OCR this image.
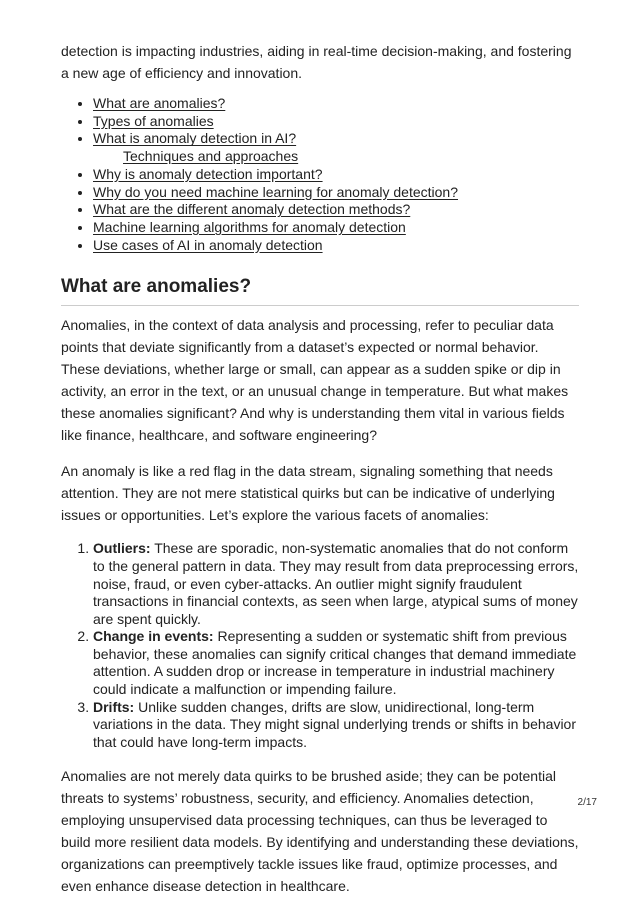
detection is impacting industries, aiding in real-time decision-making, and fostering a new age of efficiency and innovation.

• What are anomalies?
• Types of anomalies
• What is anomaly detection in AI?
Techniques and approaches
• Why is anomaly detection important?
• Why do you need machine learning for anomaly detection?
• What are the different anomaly detection methods?
• Machine learning algorithms for anomaly detection
• Use cases of AI in anomaly detection
What are anomalies?

Anomalies, in the context of data analysis and processing, refer to peculiar data points that deviate significantly from a dataset’s expected or normal behavior. These deviations, whether large or small, can appear as a sudden spike or dip in activity, an error in the text, or an unusual change in temperature. But what makes these anomalies significant? And why is understanding them vital in various fields like finance, healthcare, and software engineering?

An anomaly is like a red flag in the data stream, signaling something that needs attention. They are not mere statistical quirks but can be indicative of underlying issues or opportunities. Let’s explore the various facets of anomalies:

1. Outliers: These are sporadic, non-systematic anomalies that do not conform to the general pattern in data. They may result from data preprocessing errors, noise, fraud, or even cyber-attacks. An outlier might signify fraudulent transactions in financial contexts, as seen when large, atypical sums of money are spent quickly.
2. Change in events: Representing a sudden or systematic shift from previous behavior, these anomalies can signify critical changes that demand immediate attention. A sudden drop or increase in temperature in industrial machinery could indicate a malfunction or impending failure.
3. Drifts: Unlike sudden changes, drifts are slow, unidirectional, long-term variations in the data. They might signal underlying trends or shifts in behavior that could have long-term impacts.

Anomalies are not merely data quirks to be brushed aside; they can be potential threats to systems’ robustness, security, and efficiency. Anomalies detection, employing unsupervised data processing techniques, can thus be leveraged to build more resilient data models. By identifying and understanding these deviations, organizations can preemptively tackle issues like fraud, optimize processes, and even enhance disease detection in healthcare.

2/17
